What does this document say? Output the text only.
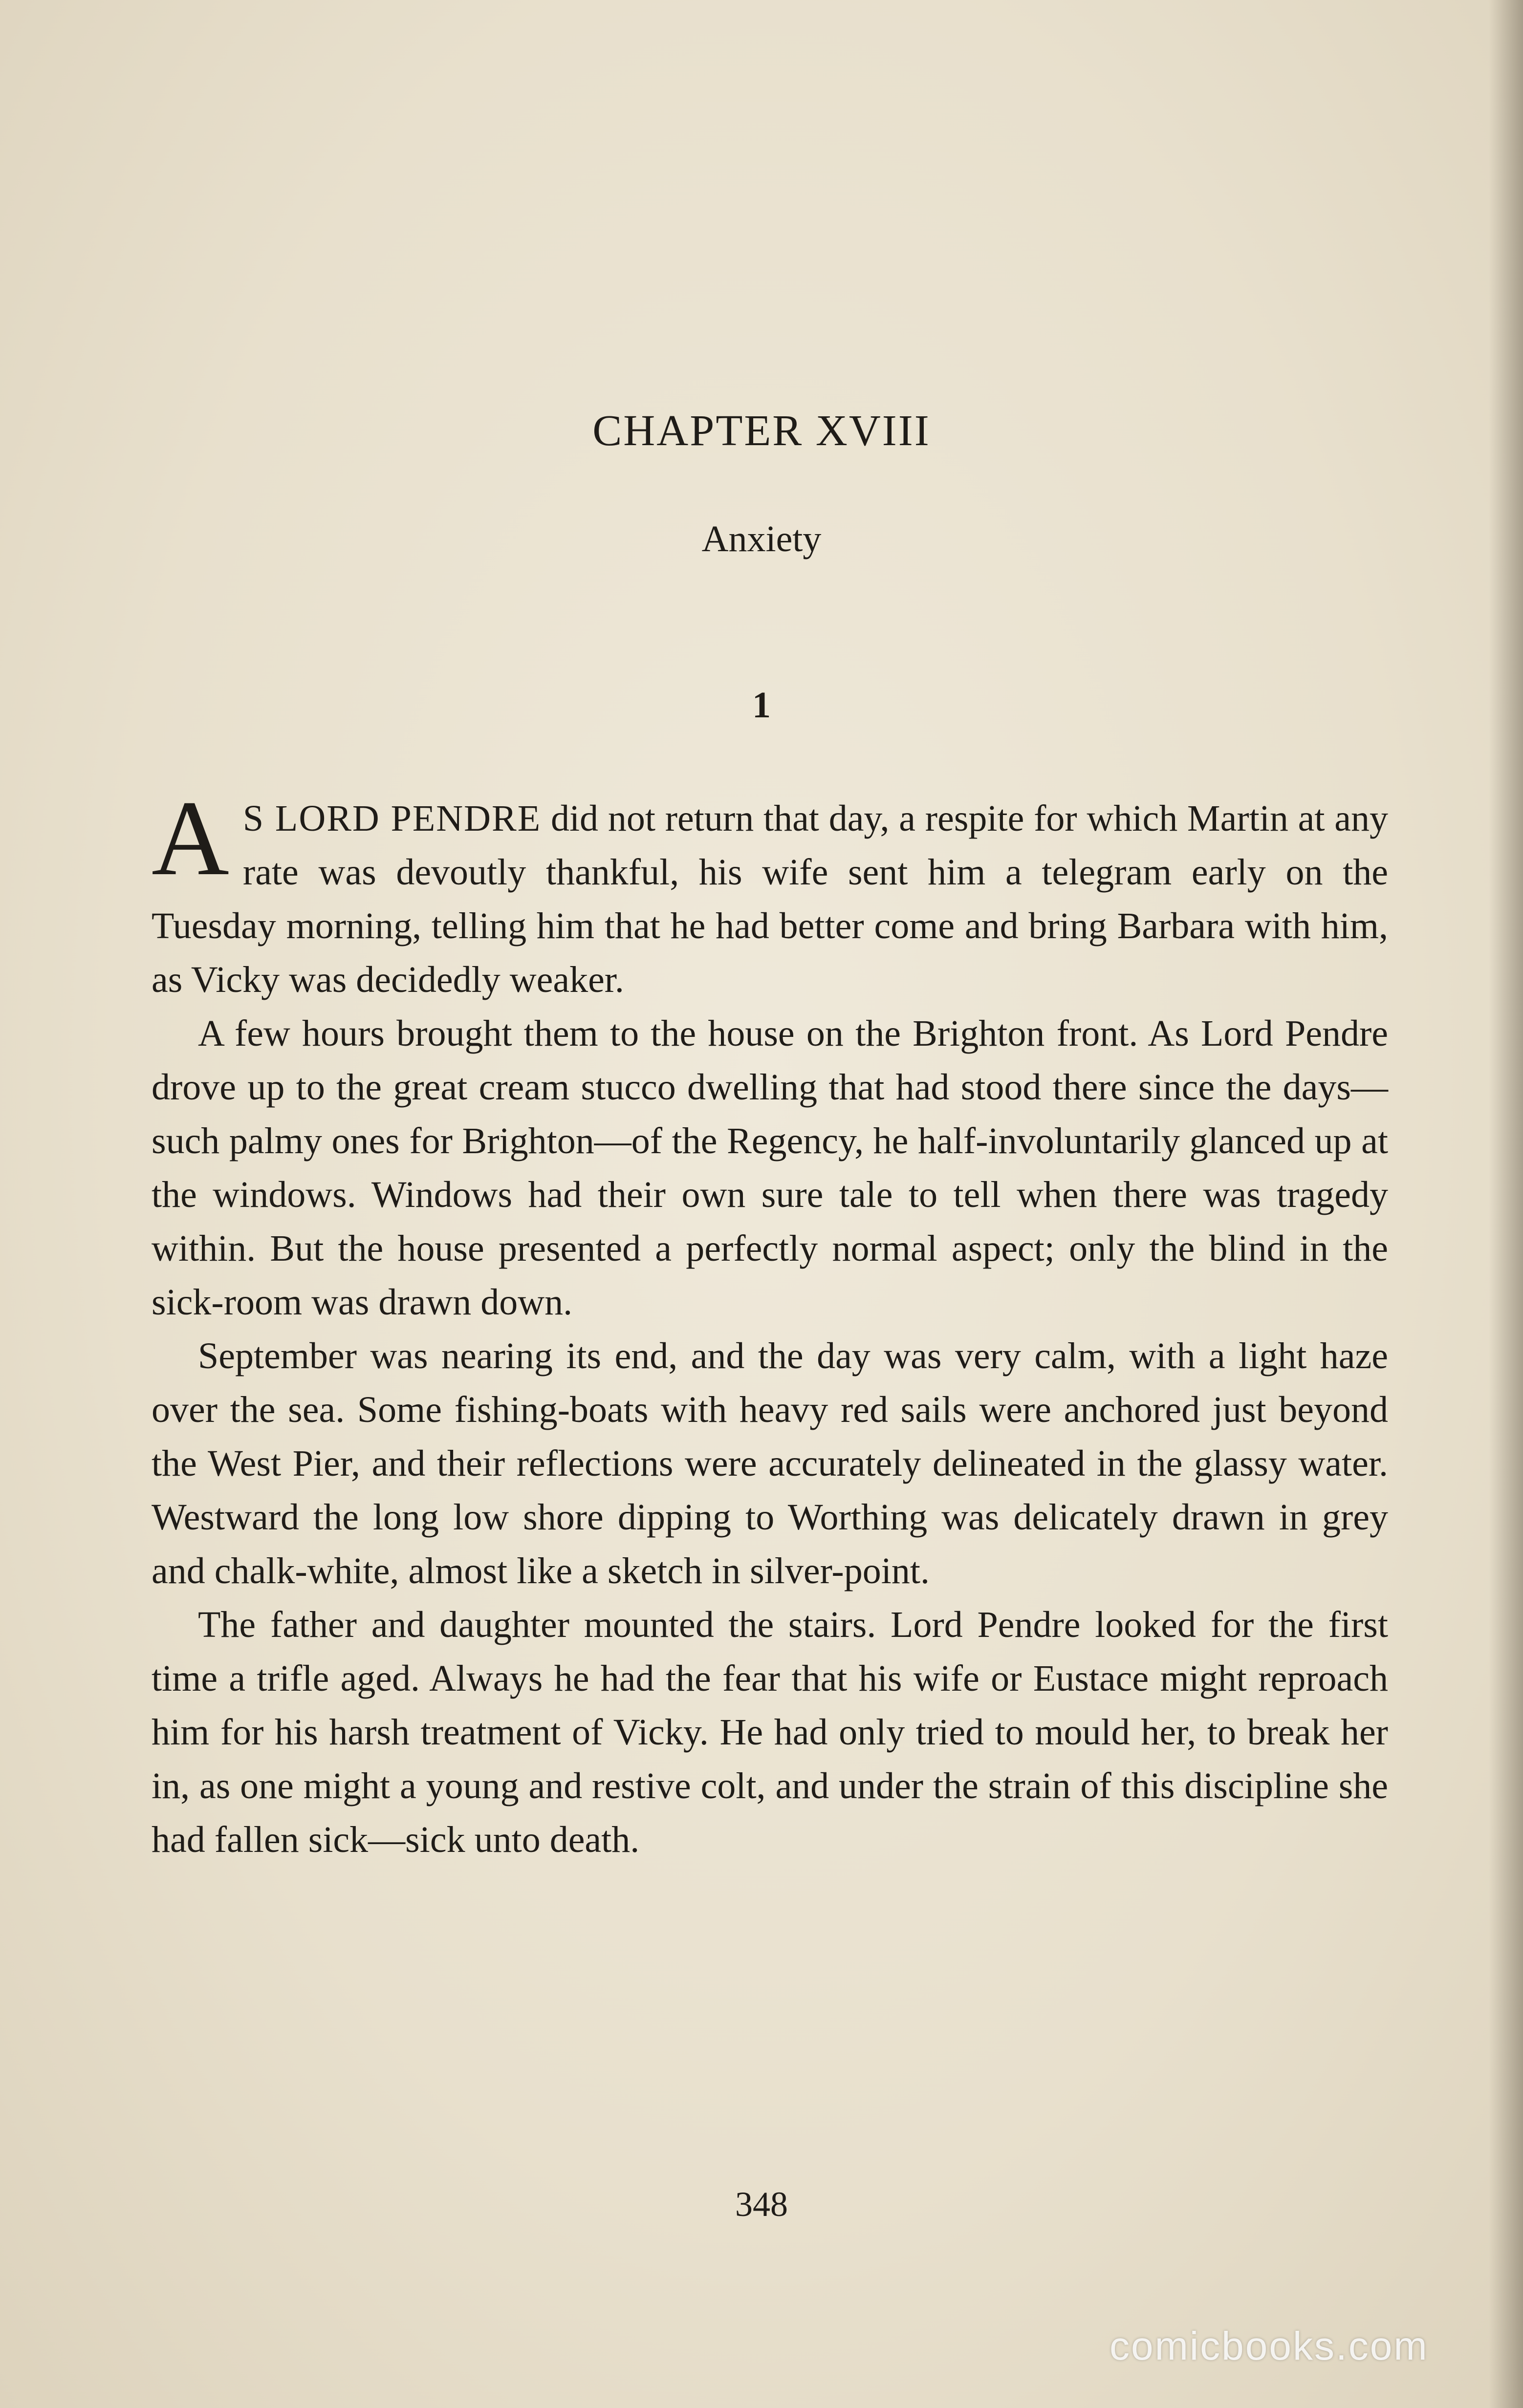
CHAPTER XVIII
Anxiety
1

A S LORD PENDRE did not return that day, a respite for which Martin at any rate was devoutly thankful, his wife sent him a telegram early on the Tuesday morning, telling him that he had better come and bring Barbara with him, as Vicky was decidedly weaker.

A few hours brought them to the house on the Brighton front. As Lord Pendre drove up to the great cream stucco dwelling that had stood there since the days—such palmy ones for Brighton—of the Regency, he half-involuntarily glanced up at the windows. Windows had their own sure tale to tell when there was tragedy within. But the house presented a perfectly normal aspect; only the blind in the sick-room was drawn down.

September was nearing its end, and the day was very calm, with a light haze over the sea. Some fishing-boats with heavy red sails were anchored just beyond the West Pier, and their reflections were accurately delineated in the glassy water. Westward the long low shore dipping to Worthing was delicately drawn in grey and chalk-white, almost like a sketch in silver-point.

The father and daughter mounted the stairs. Lord Pendre looked for the first time a trifle aged. Always he had the fear that his wife or Eustace might reproach him for his harsh treatment of Vicky. He had only tried to mould her, to break her in, as one might a young and restive colt, and under the strain of this discipline she had fallen sick—sick unto death.

348
comicbooks.com
